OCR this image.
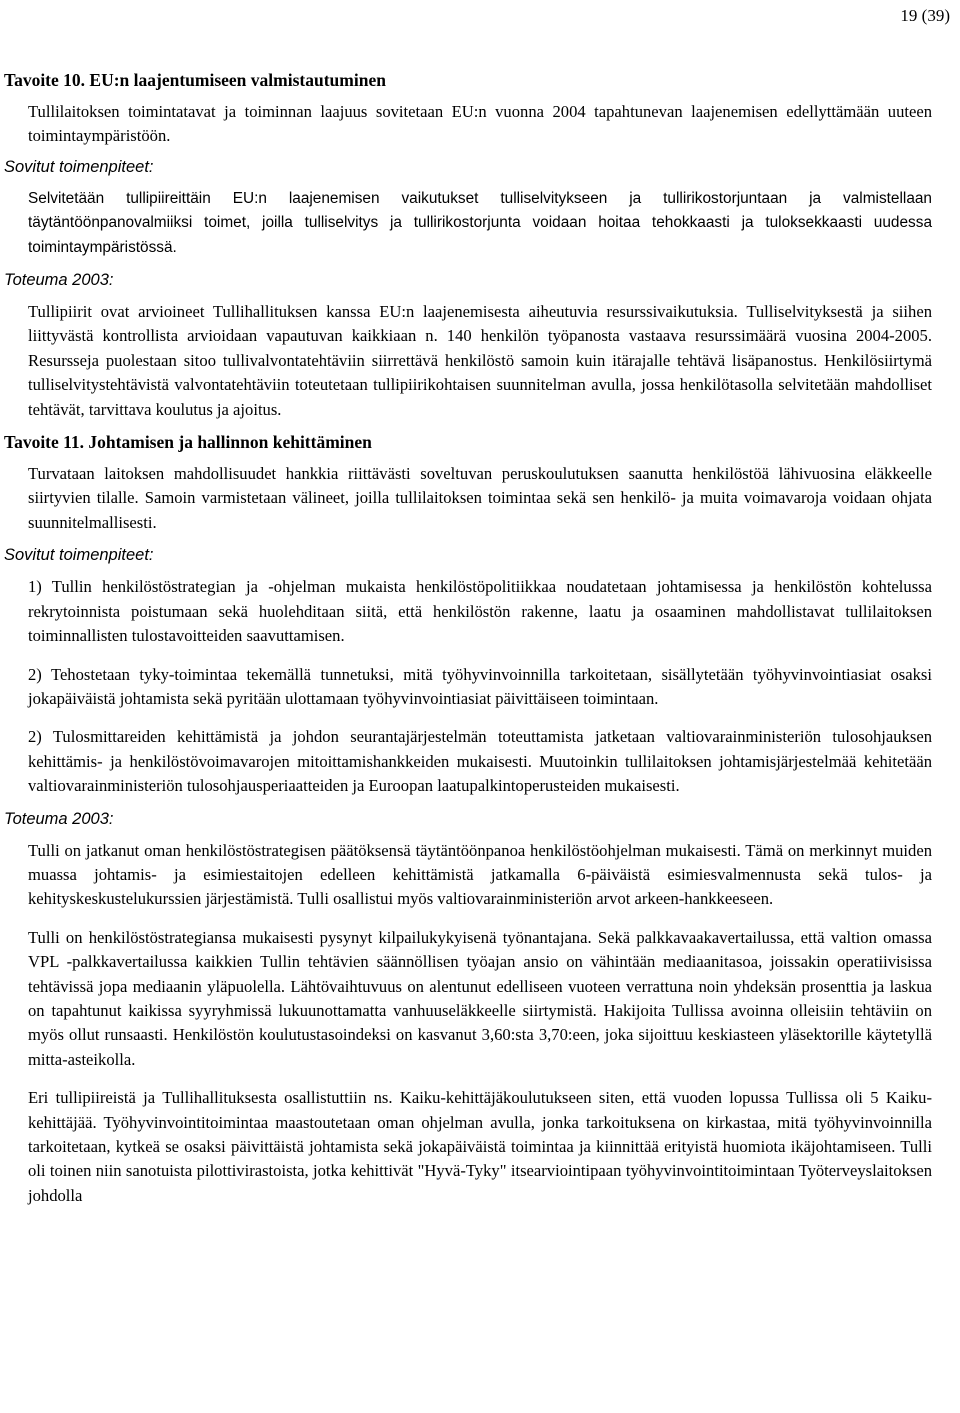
19 (39)
Tavoite 10. EU:n laajentumiseen valmistautuminen

Tullilaitoksen toimintatavat ja toiminnan laajuus sovitetaan EU:n vuonna 2004 tapahtunevan laajenemisen edellyttämään uuteen toimintaympäristöön.

Sovitut toimenpiteet:

Selvitetään tullipiireittäin EU:n laajenemisen vaikutukset tulliselvitykseen ja tullirikostorjuntaan ja valmistellaan täytäntöönpanovalmiiksi toimet, joilla tulliselvitys ja tullirikostorjunta voidaan hoitaa tehokkaasti ja tuloksekkaasti uudessa toimintaympäristössä.

Toteuma 2003:

Tullipiirit ovat arvioineet Tullihallituksen kanssa EU:n laajenemisesta aiheutuvia resurssivaikutuksia. Tulliselvityksestä ja siihen liittyvästä kontrollista arvioidaan vapautuvan kaikkiaan n. 140 henkilön työpanosta vastaava resurssimäärä vuosina 2004-2005. Resursseja puolestaan sitoo tullivalvontatehtäviin siirrettävä henkilöstö samoin kuin itärajalle tehtävä lisäpanostus. Henkilösiirtymä tulliselvitystehtävistä valvontatehtäviin toteutetaan tullipiirikohtaisen suunnitelman avulla, jossa henkilötasolla selvitetään mahdolliset tehtävät, tarvittava koulutus ja ajoitus.

Tavoite 11. Johtamisen ja hallinnon kehittäminen

Turvataan laitoksen mahdollisuudet hankkia riittävästi soveltuvan peruskoulutuksen saanutta henkilöstöä lähivuosina eläkkeelle siirtyvien tilalle. Samoin varmistetaan välineet, joilla tullilaitoksen toimintaa sekä sen henkilö- ja muita voimavaroja voidaan ohjata suunnitelmallisesti.

Sovitut toimenpiteet:

1) Tullin henkilöstöstrategian ja -ohjelman mukaista henkilöstöpolitiikkaa noudatetaan johtamisessa ja henkilöstön kohtelussa rekrytoinnista poistumaan sekä huolehditaan siitä, että henkilöstön rakenne, laatu ja osaaminen mahdollistavat tullilaitoksen toiminnallisten tulostavoitteiden saavuttamisen.

2) Tehostetaan tyky-toimintaa tekemällä tunnetuksi, mitä työhyvinvoinnilla tarkoitetaan, sisällytetään työhyvinvointiasiat osaksi jokapäiväistä johtamista sekä pyritään ulottamaan työhyvinvointiasiat päivittäiseen toimintaan.

2) Tulosmittareiden kehittämistä ja johdon seurantajärjestelmän toteuttamista jatketaan valtiovarainministeriön tulosohjauksen kehittämis- ja henkilöstövoimavarojen mitoittamishankkeiden mukaisesti. Muutoinkin tullilaitoksen johtamisjärjestelmää kehitetään valtiovarainministeriön tulosohjausperiaatteiden ja Euroopan laatupalkintoperusteiden mukaisesti.

Toteuma 2003:

Tulli on jatkanut oman henkilöstöstrategisen päätöksensä täytäntöönpanoa henkilöstöohjelman mukaisesti. Tämä on merkinnyt muiden muassa johtamis- ja esimiestaitojen edelleen kehittämistä jatkamalla 6-päiväistä esimiesvalmennusta sekä tulos- ja kehityskeskustelukurssien järjestämistä. Tulli osallistui myös valtiovarainministeriön arvot arkeen-hankkeeseen.

Tulli on henkilöstöstrategiansa mukaisesti pysynyt kilpailukykyisenä työnantajana. Sekä palkkavaakavertailussa, että valtion omassa VPL -palkkavertailussa kaikkien Tullin tehtävien säännöllisen työajan ansio on vähintään mediaanitasoa, joissakin operatiivisissa tehtävissä jopa mediaanin yläpuolella. Lähtövaihtuvuus on alentunut edelliseen vuoteen verrattuna noin yhdeksän prosenttia ja laskua on tapahtunut kaikissa syyryhmissä lukuunottamatta vanhuuseläkkeelle siirtymistä. Hakijoita Tullissa avoinna olleisiin tehtäviin on myös ollut runsaasti. Henkilöstön koulutustasoindeksi on kasvanut 3,60:sta 3,70:een, joka sijoittuu keskiasteen yläsektorille käytetyllä mitta-asteikolla.

Eri tullipiireistä ja Tullihallituksesta osallistuttiin ns. Kaiku-kehittäjäkoulutukseen siten, että vuoden lopussa Tullissa oli 5 Kaiku-kehittäjää. Työhyvinvointitoimintaa maastoutetaan oman ohjelman avulla, jonka tarkoituksena on kirkastaa, mitä työhyvinvoinnilla tarkoitetaan, kytkeä se osaksi päivittäistä johtamista sekä jokapäiväistä toimintaa ja kiinnittää erityistä huomiota ikäjohtamiseen. Tulli oli toinen niin sanotuista pilottivirastoista, jotka kehittivät "Hyvä-Tyky" itsearviointipaan työhyvinvointitoimintaan Työterveyslaitoksen johdolla
